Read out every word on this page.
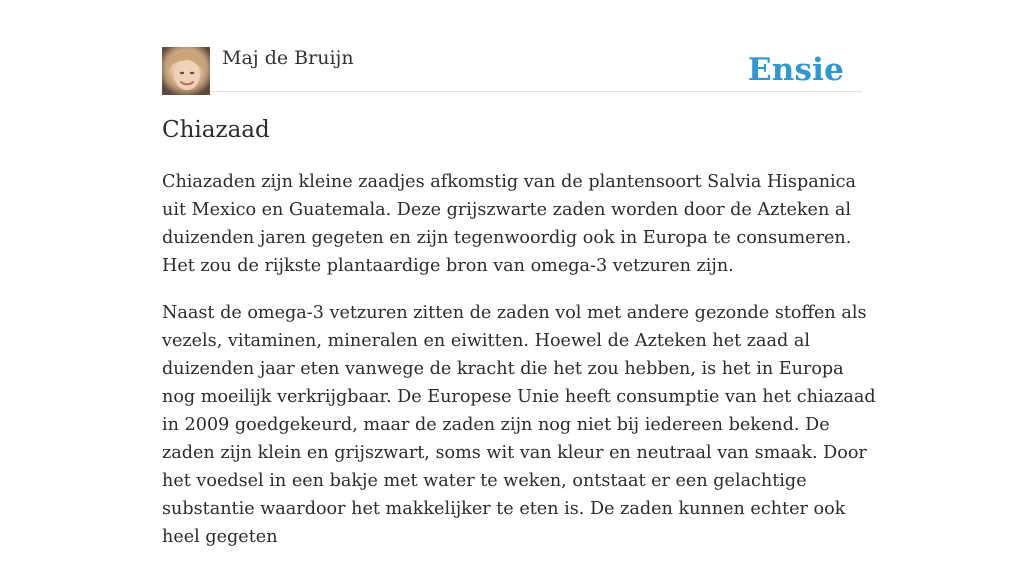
Maj de Bruijn	Ensie
Chiazaad

Chiazaden zijn kleine zaadjes afkomstig van de plantensoort Salvia Hispanica uit Mexico en Guatemala. Deze grijszwarte zaden worden door de Azteken al duizenden jaren gegeten en zijn tegenwoordig ook in Europa te consumeren. Het zou de rijkste plantaardige bron van omega-3 vetzuren zijn.

Naast de omega-3 vetzuren zitten de zaden vol met andere gezonde stoffen als vezels, vitaminen, mineralen en eiwitten. Hoewel de Azteken het zaad al duizenden jaar eten vanwege de kracht die het zou hebben, is het in Europa nog moeilijk verkrijgbaar. De Europese Unie heeft consumptie van het chiazaad in 2009 goedgekeurd, maar de zaden zijn nog niet bij iedereen bekend. De zaden zijn klein en grijszwart, soms wit van kleur en neutraal van smaak. Door het voedsel in een bakje met water te weken, ontstaat er een gelachtige substantie waardoor het makkelijker te eten is. De zaden kunnen echter ook heel gegeten
